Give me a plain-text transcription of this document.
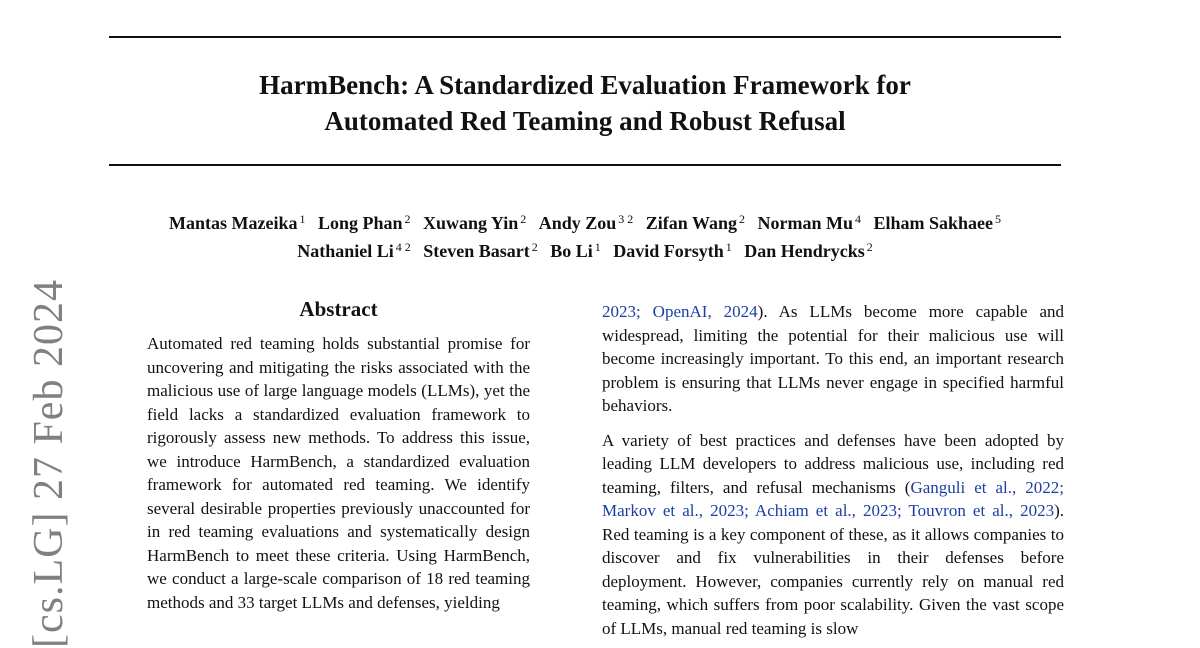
HarmBench: A Standardized Evaluation Framework for
Automated Red Teaming and Robust Refusal
Mantas Mazeika $^1$ Long Phan $^2$ Xuwang Yin $^2$ Andy Zou $^{3 2}$ Zifan Wang $^2$ Norman Mu $^4$ Elham Sakhaee $^5$
Nathaniel Li $^{4 2}$ Steven Basart $^2$ Bo Li $^1$ David Forsyth $^1$ Dan Hendrycks $^2$
[cs.LG] 27 Feb 2024	Abstract

Automated red teaming holds substantial promise for uncovering and mitigating the risks associated with the malicious use of large language models (LLMs), yet the field lacks a standardized evaluation framework to rigorously assess new methods. To address this issue, we introduce HarmBench, a standardized evaluation framework for automated red teaming. We identify several desirable properties previously unaccounted for in red teaming evaluations and systematically design HarmBench to meet these criteria. Using HarmBench, we conduct a large-scale comparison of 18 red teaming methods and 33 target LLMs and defenses, yielding

2023; OpenAI, 2024). As LLMs become more capable and widespread, limiting the potential for their malicious use will become increasingly important. To this end, an important research problem is ensuring that LLMs never engage in specified harmful behaviors.

A variety of best practices and defenses have been adopted by leading LLM developers to address malicious use, including red teaming, filters, and refusal mechanisms (Ganguli et al., 2022; Markov et al., 2023; Achiam et al., 2023; Touvron et al., 2023). Red teaming is a key component of these, as it allows companies to discover and fix vulnerabilities in their defenses before deployment. However, companies currently rely on manual red teaming, which suffers from poor scalability. Given the vast scope of LLMs, manual red teaming is slow
